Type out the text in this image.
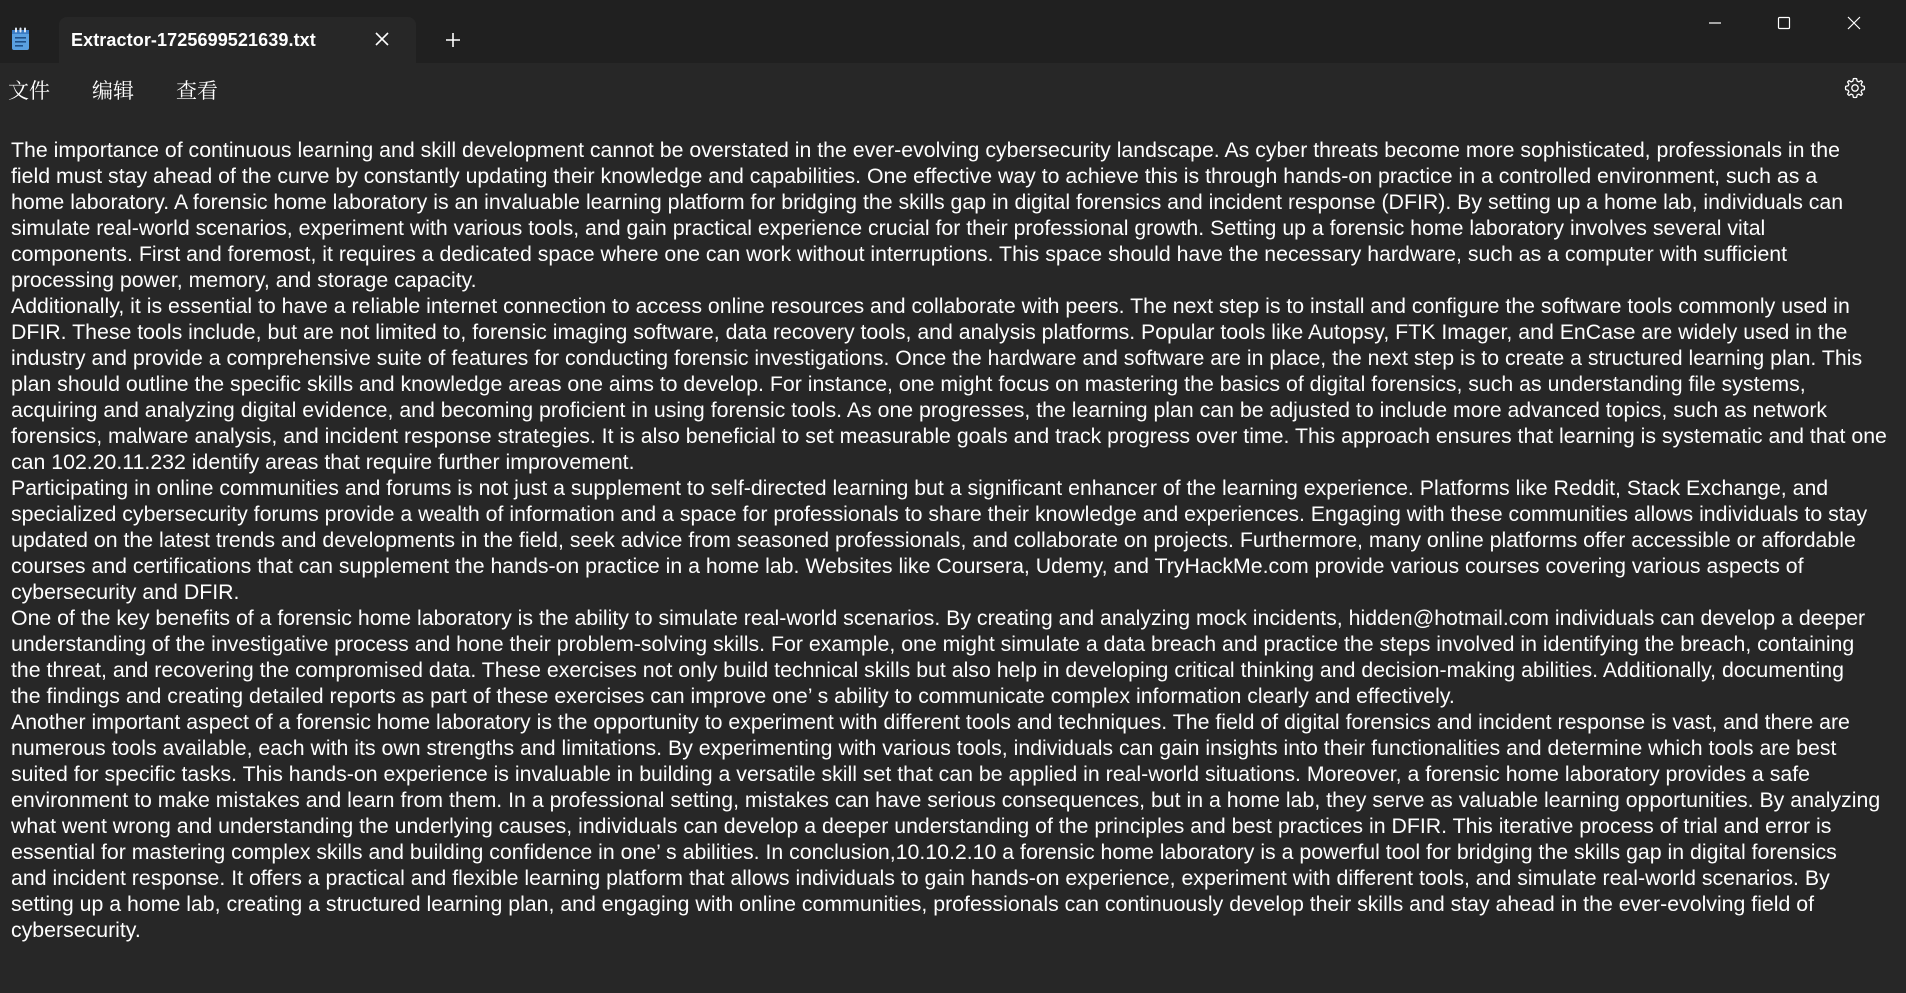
Extractor-1725699521639.txt
文件 编辑 查看
The importance of continuous learning and skill development cannot be overstated in the ever-evolving cybersecurity landscape. As cyber threats become more sophisticated, professionals in the
field must stay ahead of the curve by constantly updating their knowledge and capabilities. One effective way to achieve this is through hands-on practice in a controlled environment, such as a
home laboratory. A forensic home laboratory is an invaluable learning platform for bridging the skills gap in digital forensics and incident response (DFIR). By setting up a home lab, individuals can
simulate real-world scenarios, experiment with various tools, and gain practical experience crucial for their professional growth. Setting up a forensic home laboratory involves several vital
components. First and foremost, it requires a dedicated space where one can work without interruptions. This space should have the necessary hardware, such as a computer with sufficient
processing power, memory, and storage capacity.
Additionally, it is essential to have a reliable internet connection to access online resources and collaborate with peers. The next step is to install and configure the software tools commonly used in
DFIR. These tools include, but are not limited to, forensic imaging software, data recovery tools, and analysis platforms. Popular tools like Autopsy, FTK Imager, and EnCase are widely used in the
industry and provide a comprehensive suite of features for conducting forensic investigations. Once the hardware and software are in place, the next step is to create a structured learning plan. This
plan should outline the specific skills and knowledge areas one aims to develop. For instance, one might focus on mastering the basics of digital forensics, such as understanding file systems,
acquiring and analyzing digital evidence, and becoming proficient in using forensic tools. As one progresses, the learning plan can be adjusted to include more advanced topics, such as network
forensics, malware analysis, and incident response strategies. It is also beneficial to set measurable goals and track progress over time. This approach ensures that learning is systematic and that one
can 102.20.11.232 identify areas that require further improvement.
Participating in online communities and forums is not just a supplement to self-directed learning but a significant enhancer of the learning experience. Platforms like Reddit, Stack Exchange, and
specialized cybersecurity forums provide a wealth of information and a space for professionals to share their knowledge and experiences. Engaging with these communities allows individuals to stay
updated on the latest trends and developments in the field, seek advice from seasoned professionals, and collaborate on projects. Furthermore, many online platforms offer accessible or affordable
courses and certifications that can supplement the hands-on practice in a home lab. Websites like Coursera, Udemy, and TryHackMe.com provide various courses covering various aspects of
cybersecurity and DFIR.
One of the key benefits of a forensic home laboratory is the ability to simulate real-world scenarios. By creating and analyzing mock incidents, hidden@hotmail.com individuals can develop a deeper
understanding of the investigative process and hone their problem-solving skills. For example, one might simulate a data breach and practice the steps involved in identifying the breach, containing
the threat, and recovering the compromised data. These exercises not only build technical skills but also help in developing critical thinking and decision-making abilities. Additionally, documenting
the findings and creating detailed reports as part of these exercises can improve one’ s ability to communicate complex information clearly and effectively.
Another important aspect of a forensic home laboratory is the opportunity to experiment with different tools and techniques. The field of digital forensics and incident response is vast, and there are
numerous tools available, each with its own strengths and limitations. By experimenting with various tools, individuals can gain insights into their functionalities and determine which tools are best
suited for specific tasks. This hands-on experience is invaluable in building a versatile skill set that can be applied in real-world situations. Moreover, a forensic home laboratory provides a safe
environment to make mistakes and learn from them. In a professional setting, mistakes can have serious consequences, but in a home lab, they serve as valuable learning opportunities. By analyzing
what went wrong and understanding the underlying causes, individuals can develop a deeper understanding of the principles and best practices in DFIR. This iterative process of trial and error is
essential for mastering complex skills and building confidence in one’ s abilities. In conclusion,10.10.2.10 a forensic home laboratory is a powerful tool for bridging the skills gap in digital forensics
and incident response. It offers a practical and flexible learning platform that allows individuals to gain hands-on experience, experiment with different tools, and simulate real-world scenarios. By
setting up a home lab, creating a structured learning plan, and engaging with online communities, professionals can continuously develop their skills and stay ahead in the ever-evolving field of
cybersecurity.
